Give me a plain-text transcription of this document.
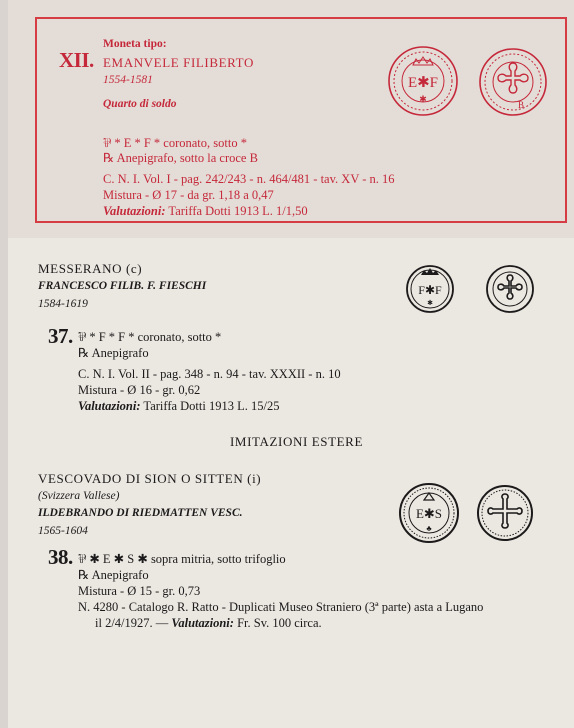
XII.
Moneta tipo:
EMANVELE FILIBERTO
1554-1581
Quarto di soldo
⅌ * E * F * coronato, sotto *
℞ Anepigrafo, sotto la croce B
C. N. I. Vol. I - pag. 242/243 - n. 464/481 - tav. XV - n. 16
Mistura - Ø 17 - da gr. 1,18 a 0,47
Valutazioni: Tariffa Dotti 1913 L. 1/1,50
E✱F
✱
B
MESSERANO (c)
FRANCESCO FILIB. F. FIESCHI
1584-1619
37. ⅌ * F * F * coronato, sotto *
℞ Anepigrafo
C. N. I. Vol. II - pag. 348 - n. 94 - tav. XXXII - n. 10
Mistura - Ø 16 - gr. 0,62
Valutazioni: Tariffa Dotti 1913 L. 15/25
F✱F
✱
IMITAZIONI ESTERE
VESCOVADO DI SION O SITTEN (i)
(Svizzera Vallese)
ILDEBRANDO DI RIEDMATTEN VESC.
1565-1604
38. ⅌ ✱ E ✱ S ✱ sopra mitria, sotto trifoglio
℞ Anepigrafo
Mistura - Ø 15 - gr. 0,73
N. 4280 - Catalogo R. Ratto - Duplicati Museo Straniero (3ª parte) asta a Lugano
il 2/4/1927. — Valutazioni: Fr. Sv. 100 circa.
E✱S
♣
